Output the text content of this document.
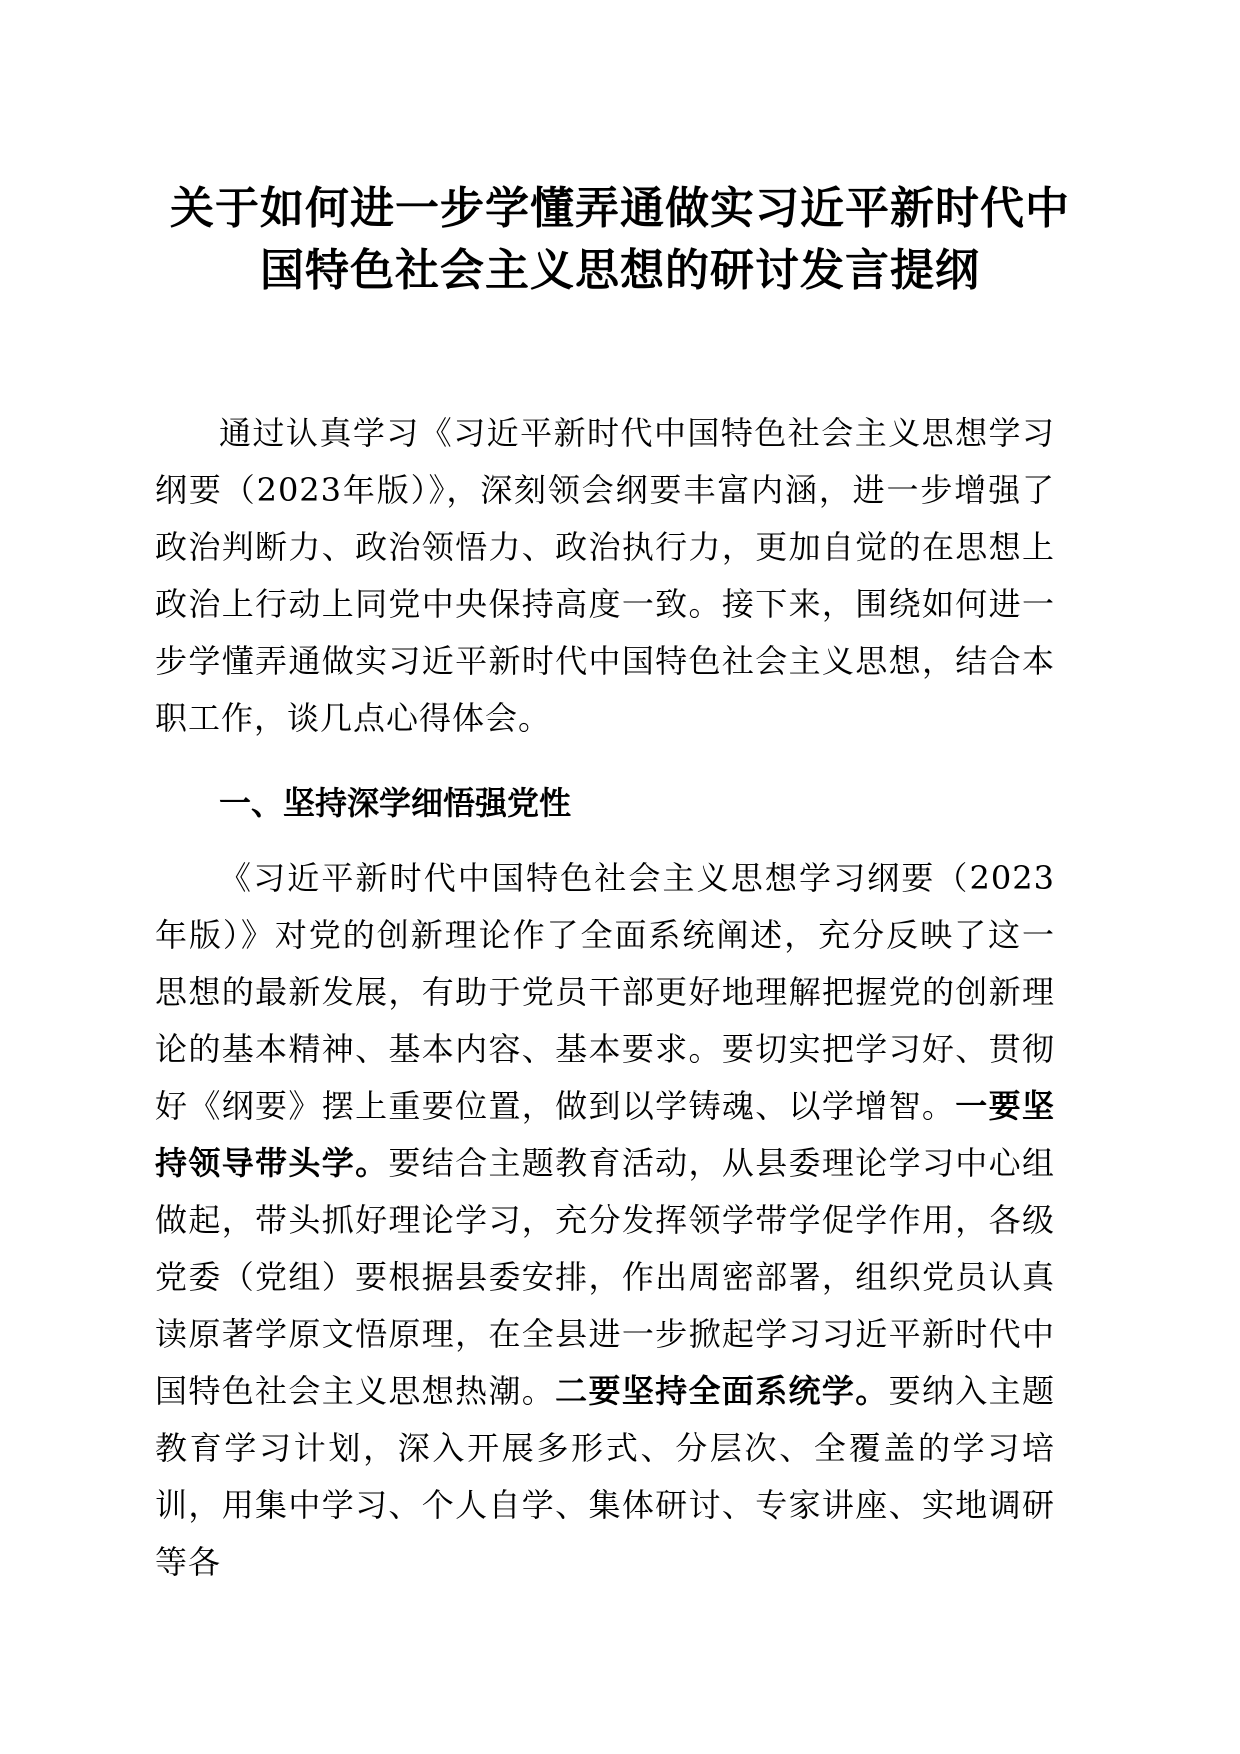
关于如何进一步学懂弄通做实习近平新时代中国特色社会主义思想的研讨发言提纲

通过认真学习《习近平新时代中国特色社会主义思想学习纲要（2023年版）》，深刻领会纲要丰富内涵，进一步增强了政治判断力、政治领悟力、政治执行力，更加自觉的在思想上政治上行动上同党中央保持高度一致。接下来，围绕如何进一步学懂弄通做实习近平新时代中国特色社会主义思想，结合本职工作，谈几点心得体会。

一、坚持深学细悟强党性

《习近平新时代中国特色社会主义思想学习纲要（2023年版）》对党的创新理论作了全面系统阐述，充分反映了这一思想的最新发展，有助于党员干部更好地理解把握党的创新理论的基本精神、基本内容、基本要求。要切实把学习好、贯彻好《纲要》摆上重要位置，做到以学铸魂、以学增智。一要坚持领导带头学。要结合主题教育活动，从县委理论学习中心组做起，带头抓好理论学习，充分发挥领学带学促学作用，各级党委（党组）要根据县委安排，作出周密部署，组织党员认真读原著学原文悟原理，在全县进一步掀起学习习近平新时代中国特色社会主义思想热潮。二要坚持全面系统学。要纳入主题教育学习计划，深入开展多形式、分层次、全覆盖的学习培训，用集中学习、个人自学、集体研讨、专家讲座、实地调研等各
